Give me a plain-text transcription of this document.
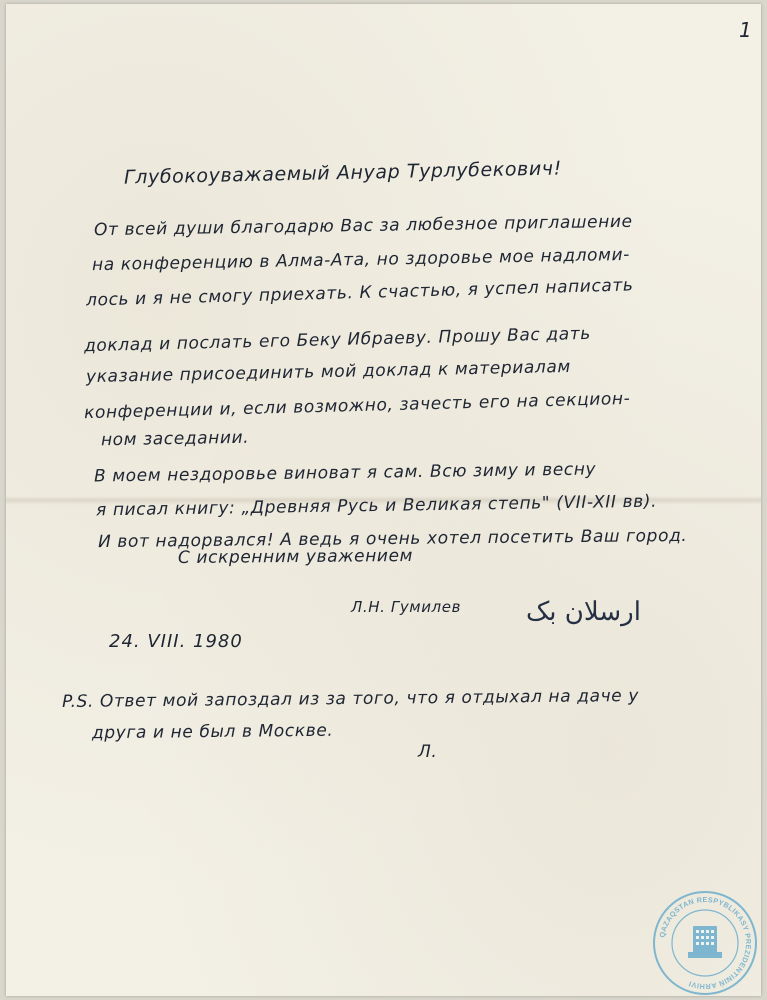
1

Глубокоуважаемый Ануар Турлубекович!

От всей души благодарю Вас за любезное приглашение

на конференцию в Алма-Ата, но здоровье мое надломи-

лось и я не смогу приехать. К счастью, я успел написать

доклад и послать его Беку Ибраеву. Прошу Вас дать

указание присоединить мой доклад к материалам

конференции и, если возможно, зачесть его на секцион-

ном заседании.

В моем нездоровье виноват я сам. Всю зиму и весну

я писал книгу: „Древняя Русь и Великая степь" (VII-XII вв).

И вот надорвался! А ведь я очень хотел посетить Ваш город.

С искренним уважением

Л.Н. Гумилев ارسلان بک

24. VIII. 1980

P.S. Ответ мой запоздал из за того, что я отдыхал на даче у

друга и не был в Москве.

Л.

QAZAQSTAN RESPYBLIKASY PREZIDENTINIŃ ARHIVI
